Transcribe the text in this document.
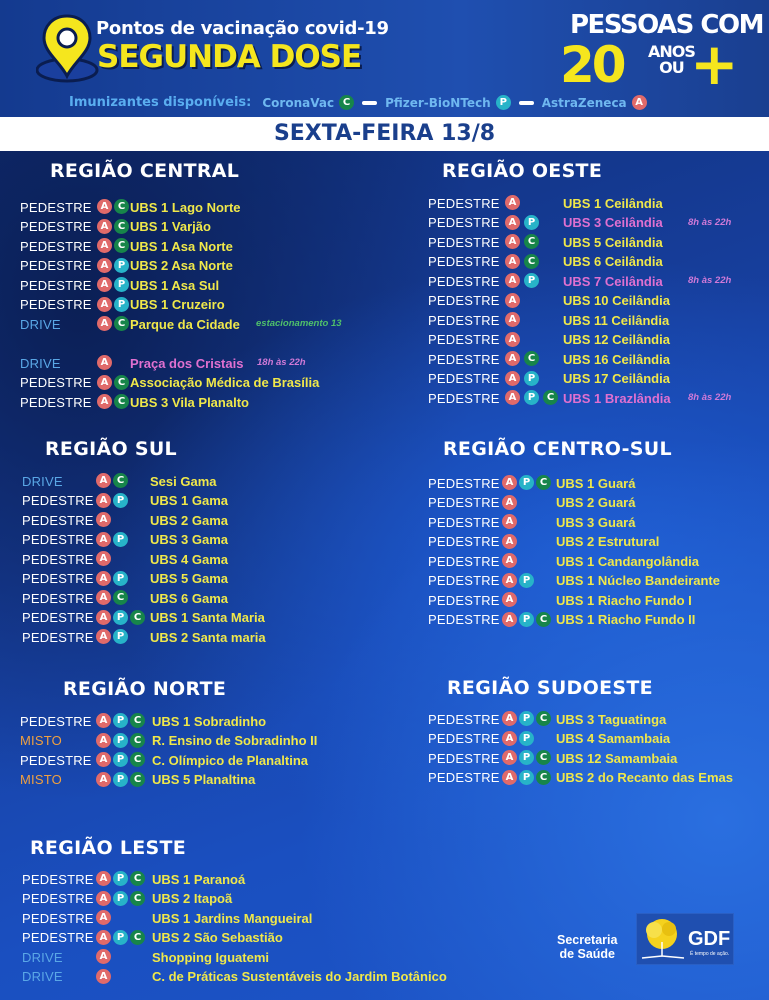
Pontos de vacinação covid-19
SEGUNDA DOSE
PESSOAS COM
20 ANOS
OU +
Imunizantes disponíveis: CoronaVac C	Pfizer-BioNTech P	AstraZeneca A
SEXTA-FEIRA 13/8
REGIÃO CENTRAL
PEDESTRE A C UBS 1 Lago Norte
PEDESTRE A C UBS 1 Varjão
PEDESTRE A C UBS 1 Asa Norte
PEDESTRE A P UBS 2 Asa Norte
PEDESTRE A P UBS 1 Asa Sul
PEDESTRE A P UBS 1 Cruzeiro
DRIVE	A C Parque da Cidade estacionamento 13
DRIVE	A Praça dos Cristais 18h às 22h
PEDESTRE A C Associação Médica de Brasília
PEDESTRE A C UBS 3 Vila Planalto
REGIÃO OESTE
PEDESTRE A	UBS 1 Ceilândia
PEDESTRE A	P UBS 3 Ceilândia	8h às 22h
PEDESTRE A	C UBS 5 Ceilândia
PEDESTRE A	C UBS 6 Ceilândia
PEDESTRE A	P UBS 7 Ceilândia	8h às 22h
PEDESTRE A	UBS 10 Ceilândia
PEDESTRE A	UBS 11 Ceilândia
PEDESTRE A	UBS 12 Ceilândia
PEDESTRE A	C UBS 16 Ceilândia
PEDESTRE A	P UBS 17 Ceilândia
PEDESTRE A	P	C UBS 1 Brazlândia 8h às 22h
REGIÃO SUL
DRIVE	A C Sesi Gama
PEDESTRE A P UBS 1 Gama
PEDESTRE A	UBS 2 Gama
PEDESTRE A P UBS 3 Gama
PEDESTRE A	UBS 4 Gama
PEDESTRE A P UBS 5 Gama
PEDESTRE A C UBS 6 Gama
PEDESTRE A P C UBS 1 Santa Maria
PEDESTRE A P UBS 2 Santa maria
REGIÃO CENTRO-SUL
PEDESTRE A P C UBS 1 Guará
PEDESTRE A	UBS 2 Guará
PEDESTRE A	UBS 3 Guará
PEDESTRE A	UBS 2 Estrutural
PEDESTRE A	UBS 1 Candangolândia
PEDESTRE A P UBS 1 Núcleo Bandeirante
PEDESTRE A	UBS 1 Riacho Fundo I
PEDESTRE A P C UBS 1 Riacho Fundo II
REGIÃO NORTE
PEDESTRE A P C UBS 1 Sobradinho
MISTO	A P C R. Ensino de Sobradinho II
PEDESTRE A P C C. Olímpico de Planaltina
MISTO	A P C UBS 5 Planaltina
REGIÃO SUDOESTE
PEDESTRE A P C UBS 3 Taguatinga
PEDESTRE A P UBS 4 Samambaia
PEDESTRE A P C UBS 12 Samambaia
PEDESTRE A P C UBS 2 do Recanto das Emas
REGIÃO LESTE
PEDESTRE A P C UBS 1 Paranoá
PEDESTRE A P C UBS 2 Itapoã
PEDESTRE A	UBS 1 Jardins Mangueiral
PEDESTRE A P C UBS 2 São Sebastião
DRIVE	A	Shopping Iguatemi
DRIVE	A	C. de Práticas Sustentáveis do Jardim Botânico
Secretaria
de Saúde
GDF
É tempo de ação.
